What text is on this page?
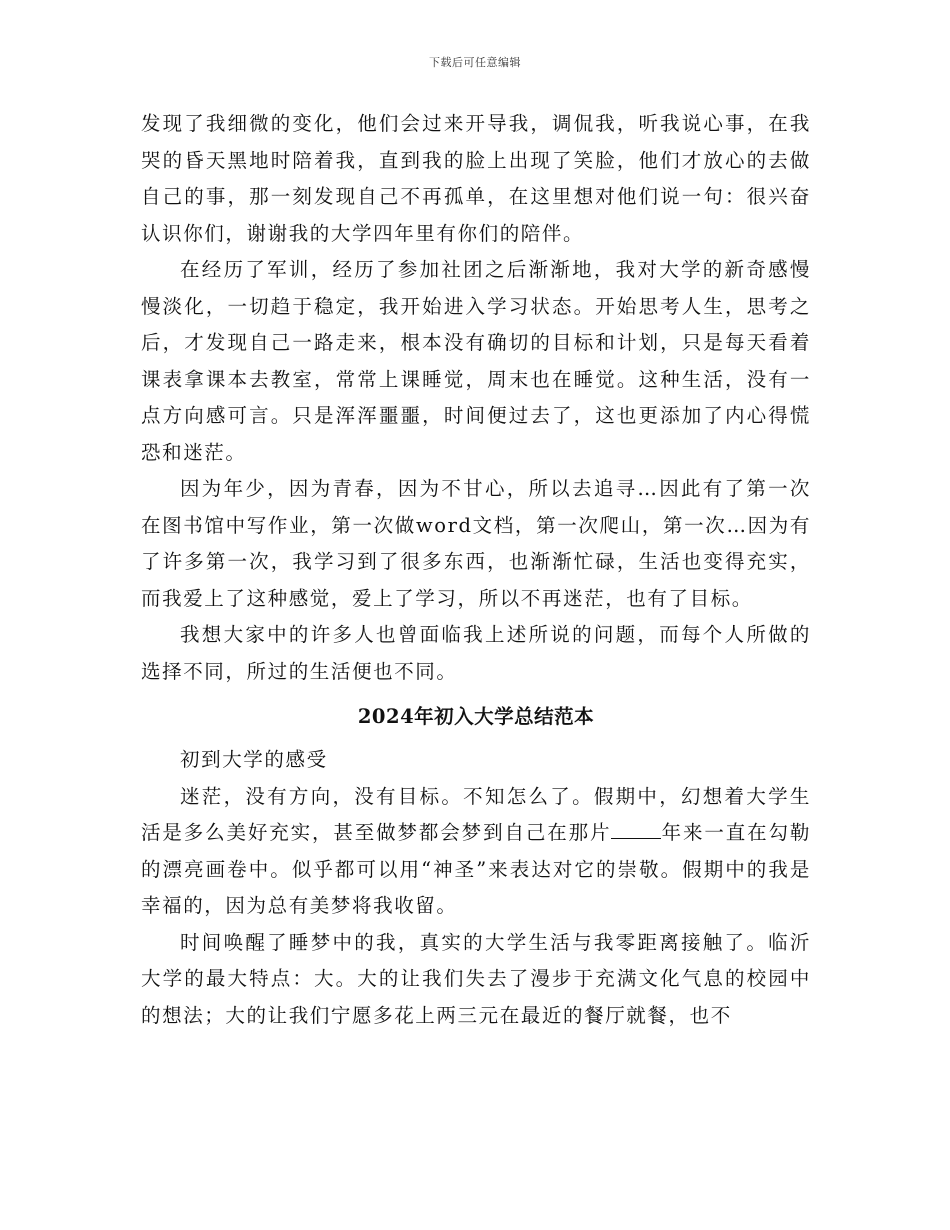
下载后可任意编辑

发现了我细微的变化，他们会过来开导我，调侃我，听我说心事，在我哭的昏天黑地时陪着我，直到我的脸上出现了笑脸，他们才放心的去做自己的事，那一刻发现自己不再孤单，在这里想对他们说一句：很兴奋认识你们，谢谢我的大学四年里有你们的陪伴。

在经历了军训，经历了参加社团之后渐渐地，我对大学的新奇感慢慢淡化，一切趋于稳定，我开始进入学习状态。开始思考人生，思考之后，才发现自己一路走来，根本没有确切的目标和计划，只是每天看着课表拿课本去教室，常常上课睡觉，周末也在睡觉。这种生活，没有一点方向感可言。只是浑浑噩噩，时间便过去了，这也更添加了内心得慌恐和迷茫。

因为年少，因为青春，因为不甘心，所以去追寻…因此有了第一次在图书馆中写作业，第一次做word文档，第一次爬山，第一次…因为有了许多第一次，我学习到了很多东西，也渐渐忙碌，生活也变得充实，而我爱上了这种感觉，爱上了学习，所以不再迷茫，也有了目标。

我想大家中的许多人也曾面临我上述所说的问题，而每个人所做的选择不同，所过的生活便也不同。

2024年初入大学总结范本

初到大学的感受

迷茫，没有方向，没有目标。不知怎么了。假期中，幻想着大学生活是多么美好充实，甚至做梦都会梦到自己在那片	年来一直在勾勒的漂亮画卷中。似乎都可以用“神圣”来表达对它的崇敬。假期中的我是幸福的，因为总有美梦将我收留。

时间唤醒了睡梦中的我，真实的大学生活与我零距离接触了。临沂大学的最大特点：大。大的让我们失去了漫步于充满文化气息的校园中的想法；大的让我们宁愿多花上两三元在最近的餐厅就餐，也不
